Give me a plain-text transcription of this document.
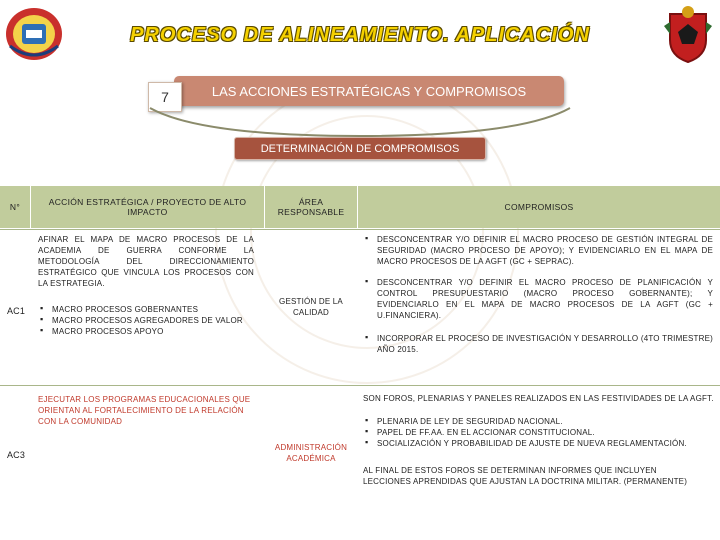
PROCESO DE ALINEAMIENTO. APLICACIÓN
LAS ACCIONES ESTRATÉGICAS Y COMPROMISOS
7
DETERMINACIÓN DE COMPROMISOS
N°	ACCIÓN ESTRATÉGICA / PROYECTO DE ALTO IMPACTO
ÁREA RESPONSABLE	COMPROMISOS
AC1
AFINAR EL MAPA DE MACRO PROCESOS DE LA ACADEMIA DE GUERRA CONFORME LA METODOLOGÍA DEL DIRECCIONAMIENTO ESTRATÉGICO QUE VINCULA LOS PROCESOS CON LA ESTRATEGIA.
▪ MACRO PROCESOS GOBERNANTES
▪ MACRO PROCESOS AGREGADORES DE VALOR
▪ MACRO PROCESOS APOYO
GESTIÓN DE LA CALIDAD
▪ DESCONCENTRAR Y/O DEFINIR EL MACRO PROCESO DE GESTIÓN INTEGRAL DE SEGURIDAD (MACRO PROCESO DE APOYO); Y EVIDENCIARLO EN EL MAPA DE MACRO PROCESOS DE LA AGFT (GC + SEPRAC).
▪ DESCONCENTRAR Y/O DEFINIR EL MACRO PROCESO DE PLANIFICACIÓN Y CONTROL PRESUPUESTARIO (MACRO PROCESO GOBERNANTE); Y EVIDENCIARLO EN EL MAPA DE MACRO PROCESOS DE LA AGFT (GC + U.FINANCIERA).
▪ INCORPORAR EL PROCESO DE INVESTIGACIÓN Y DESARROLLO (4TO TRIMESTRE) AÑO 2015.
AC3
EJECUTAR LOS PROGRAMAS EDUCACIONALES QUE ORIENTAN AL FORTALECIMIENTO DE LA RELACIÓN CON LA COMUNIDAD
ADMINISTRACIÓN ACADÉMICA
SON FOROS, PLENARIAS Y PANELES REALIZADOS EN LAS FESTIVIDADES DE LA AGFT.
▪ PLENARIA DE LEY DE SEGURIDAD NACIONAL.
▪ PAPEL DE FF.AA. EN EL ACCIONAR CONSTITUCIONAL.
▪ SOCIALIZACIÓN Y PROBABILIDAD DE AJUSTE DE NUEVA REGLAMENTACIÓN.
AL FINAL DE ESTOS FOROS SE DETERMINAN INFORMES QUE INCLUYEN LECCIONES APRENDIDAS QUE AJUSTAN LA DOCTRINA MILITAR. (PERMANENTE)
